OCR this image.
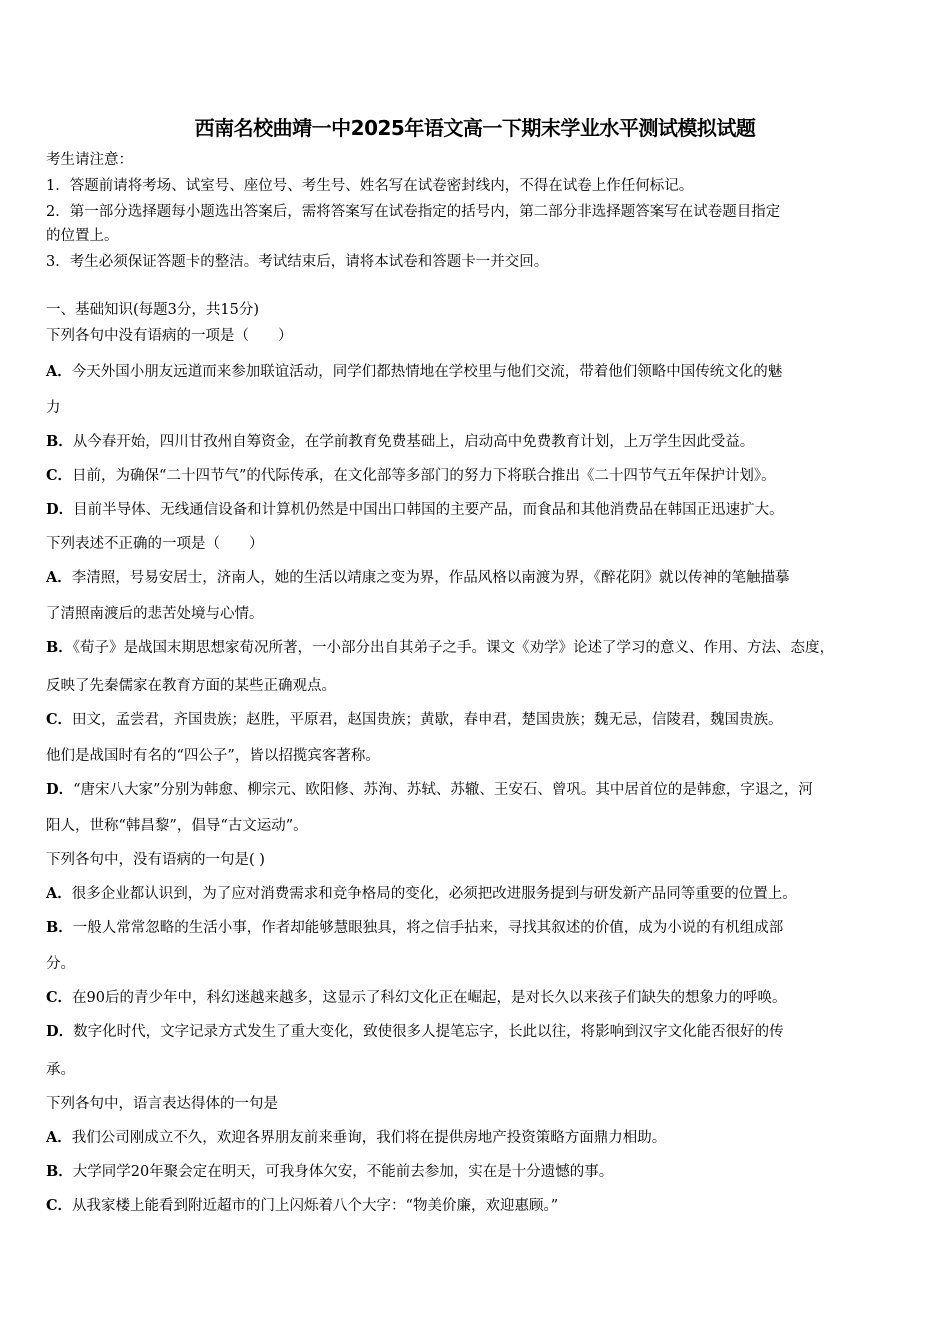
西南名校曲靖一中2025年语文高一下期末学业水平测试模拟试题
考生请注意：
1．答题前请将考场、试室号、座位号、考生号、姓名写在试卷密封线内，不得在试卷上作任何标记。
2．第一部分选择题每小题选出答案后，需将答案写在试卷指定的括号内，第二部分非选择题答案写在试卷题目指定
的位置上。
3．考生必须保证答题卡的整洁。考试结束后，请将本试卷和答题卡一并交回。
一、基础知识(每题3分，共15分)
下列各句中没有语病的一项是（　　）
A．今天外国小朋友远道而来参加联谊活动，同学们都热情地在学校里与他们交流，带着他们领略中国传统文化的魅
力
B．从今春开始，四川甘孜州自筹资金，在学前教育免费基础上，启动高中免费教育计划，上万学生因此受益。
C．日前，为确保“二十四节气”的代际传承，在文化部等多部门的努力下将联合推出《二十四节气五年保护计划》。
D．目前半导体、无线通信设备和计算机仍然是中国出口韩国的主要产品，而食品和其他消费品在韩国正迅速扩大。
下列表述不正确的一项是（　　）
A．李清照，号易安居士，济南人，她的生活以靖康之变为界，作品风格以南渡为界，《醉花阴》就以传神的笔触描摹
了清照南渡后的悲苦处境与心情。
B．《荀子》是战国末期思想家荀况所著，一小部分出自其弟子之手。课文《劝学》论述了学习的意义、作用、方法、态度，
反映了先秦儒家在教育方面的某些正确观点。
C．田文，孟尝君，齐国贵族；赵胜，平原君，赵国贵族；黄歇，春申君，楚国贵族；魏无忌，信陵君，魏国贵族。
他们是战国时有名的“四公子”，皆以招揽宾客著称。
D．“唐宋八大家”分别为韩愈、柳宗元、欧阳修、苏洵、苏轼、苏辙、王安石、曾巩。其中居首位的是韩愈，字退之，河
阳人，世称“韩昌黎”，倡导“古文运动”。
下列各句中，没有语病的一句是( )
A．很多企业都认识到，为了应对消费需求和竞争格局的变化，必须把改进服务提到与研发新产品同等重要的位置上。
B．一般人常常忽略的生活小事，作者却能够慧眼独具，将之信手拈来，寻找其叙述的价值，成为小说的有机组成部
分。
C．在90后的青少年中，科幻迷越来越多，这显示了科幻文化正在崛起，是对长久以来孩子们缺失的想象力的呼唤。
D．数字化时代，文字记录方式发生了重大变化，致使很多人提笔忘字，长此以往，将影响到汉字文化能否很好的传
承。
下列各句中，语言表达得体的一句是
A．我们公司刚成立不久，欢迎各界朋友前来垂询，我们将在提供房地产投资策略方面鼎力相助。
B．大学同学20年聚会定在明天，可我身体欠安，不能前去参加，实在是十分遗憾的事。
C．从我家楼上能看到附近超市的门上闪烁着八个大字：“物美价廉，欢迎惠顾。”
